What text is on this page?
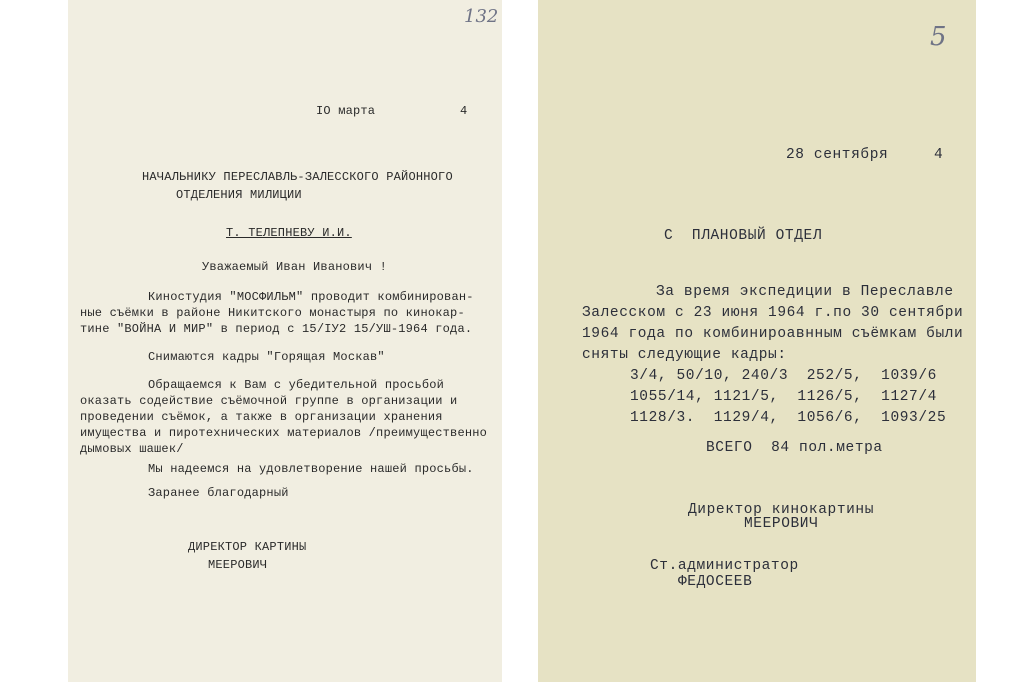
132
IO марта	4
НАЧАЛЬНИКУ ПЕРЕСЛАВЛЬ-ЗАЛЕССКОГО РАЙОННОГО
ОТДЕЛЕНИЯ МИЛИЦИИ
Т. ТЕЛЕПНЕВУ И.И.
Уважаемый Иван Иванович !
Киностудия "МОСФИЛЬМ" проводит комбинирован-
ные съёмки в районе Никитского монастыря по кинокар-
тине "ВОЙНА И МИР" в период с 15/IУ2 15/УШ-1964 года.
Снимаются кадры "Горящая Москав"
Обращаемся к Вам с убедительной просьбой
оказать содействие съёмочной группе в организации и
проведении съёмок, а также в организации хранения
имущества и пиротехнических материалов /преимущественно
дымовых шашек/
Мы надеемся на удовлетворение нашей просьбы.
Заранее благодарный
ДИРЕКТОР КАРТИНЫ
МЕЕРОВИЧ
5
28 сентября	4
С  ПЛАНОВЫЙ ОТДЕЛ
За время экспедиции в Переславле
Залесском с 23 июня 1964 г.по 30 сентябри
1964 года по комбинироавнным съёмкам были
сняты следующие кадры:
3/4, 50/10, 240/3  252/5,  1039/6
1055/14, 1121/5,  1126/5,  1127/4
1128/3.  1129/4,  1056/6,  1093/25
ВСЕГО  84 пол.метра
Директор кинокартины
МЕЕРОВИЧ
Ст.администратор
ФЕДОСЕЕВ
